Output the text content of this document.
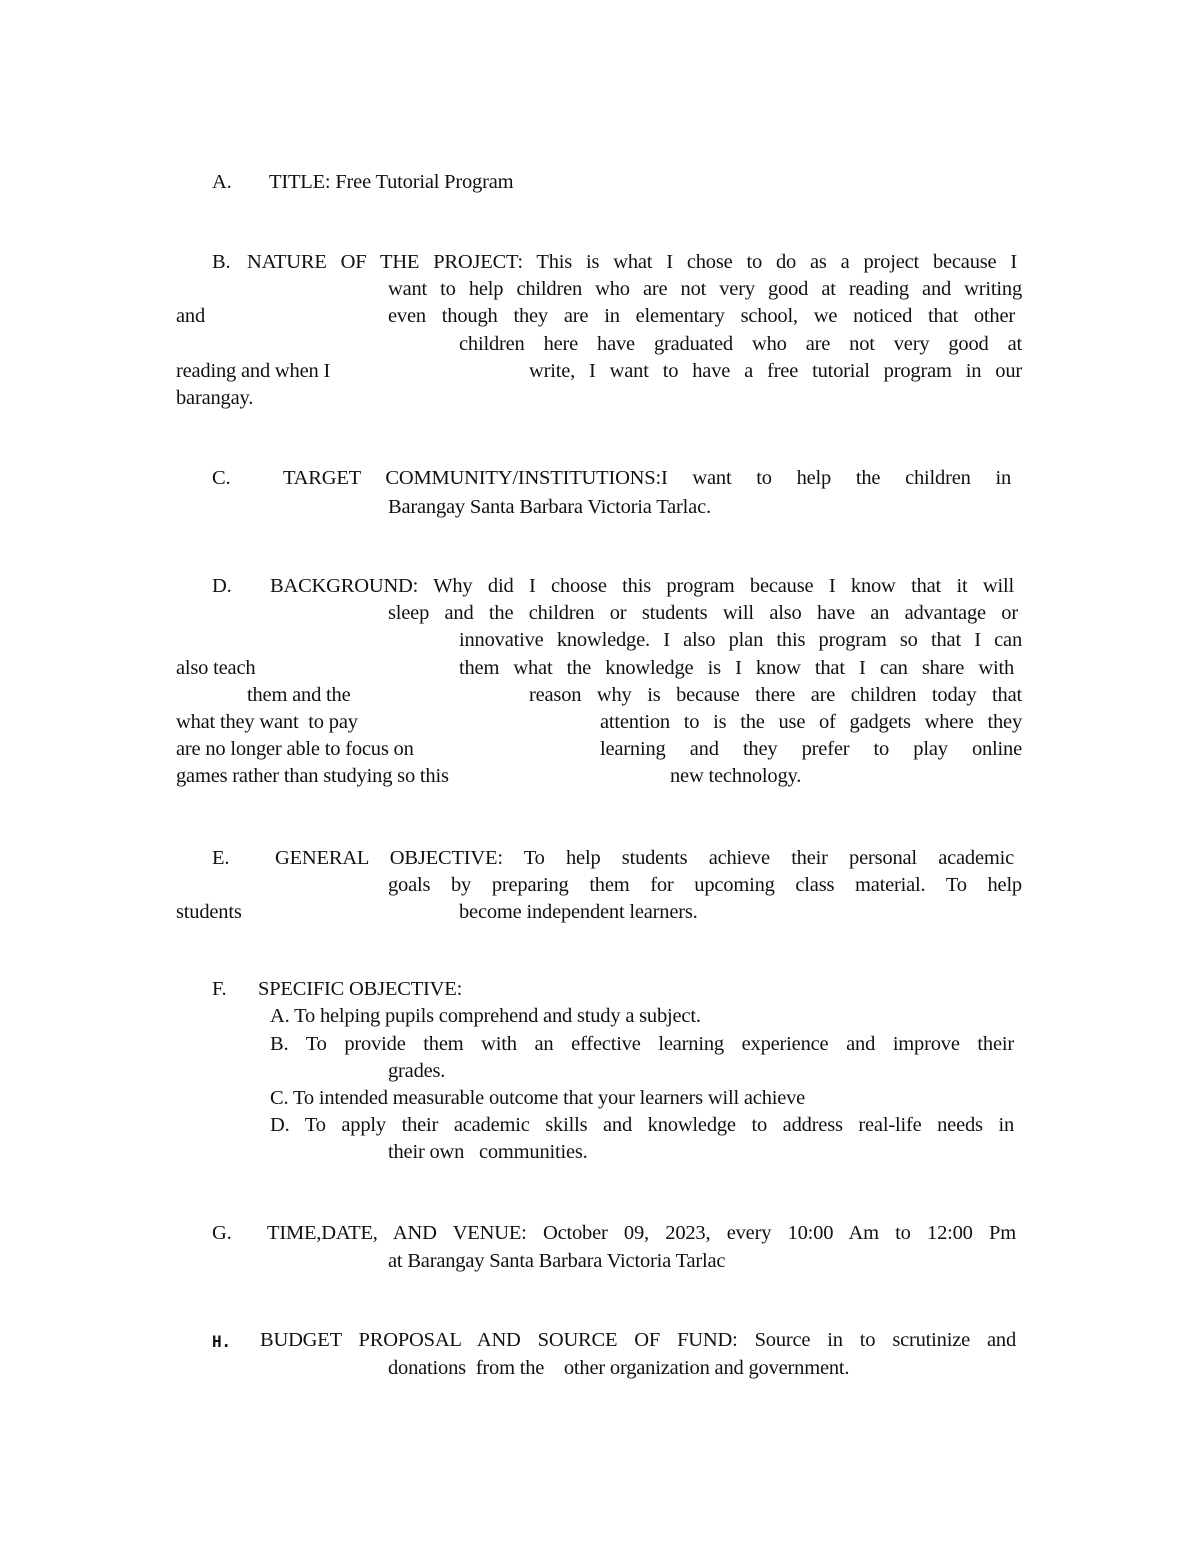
A. TITLE: Free Tutorial Program
B. NATURE OF THE PROJECT: This is what I chose to do as a project because I
want to help children who are not very good at reading and writing
and	even though they are in elementary school, we noticed that other
children here have graduated who are not very good at
reading and when I	write, I want to have a free tutorial program in our
barangay.
C.	TARGET COMMUNITY/INSTITUTIONS:I want to help the children in
Barangay Santa Barbara Victoria Tarlac.
D. BACKGROUND: Why did I choose this program because I know that it will
sleep and the children or students will also have an advantage or
innovative knowledge. I also plan this program so that I can
also teach	them what the knowledge is I know that I can share with
them and the	reason why is because there are children today that
what they want  to pay	attention to is the use of gadgets where they
are no longer able to focus on	learning and they prefer to play online
games rather than studying so this	new technology.
E. GENERAL OBJECTIVE: To help students achieve their personal academic
goals by preparing them for upcoming class material. To help
students	become independent learners.
F. SPECIFIC OBJECTIVE:
A. To helping pupils comprehend and study a subject.
B. To provide them with an effective learning experience and improve their
grades.
C. To intended measurable outcome that your learners will achieve
D. To apply their academic skills and knowledge to address real-life needs in
their own   communities.
G. TIME,DATE, AND VENUE: October 09, 2023, every 10:00 Am to 12:00 Pm
at Barangay Santa Barbara Victoria Tarlac
H. BUDGET PROPOSAL AND SOURCE OF FUND: Source in to scrutinize and
donations  from the    other organization and government.
